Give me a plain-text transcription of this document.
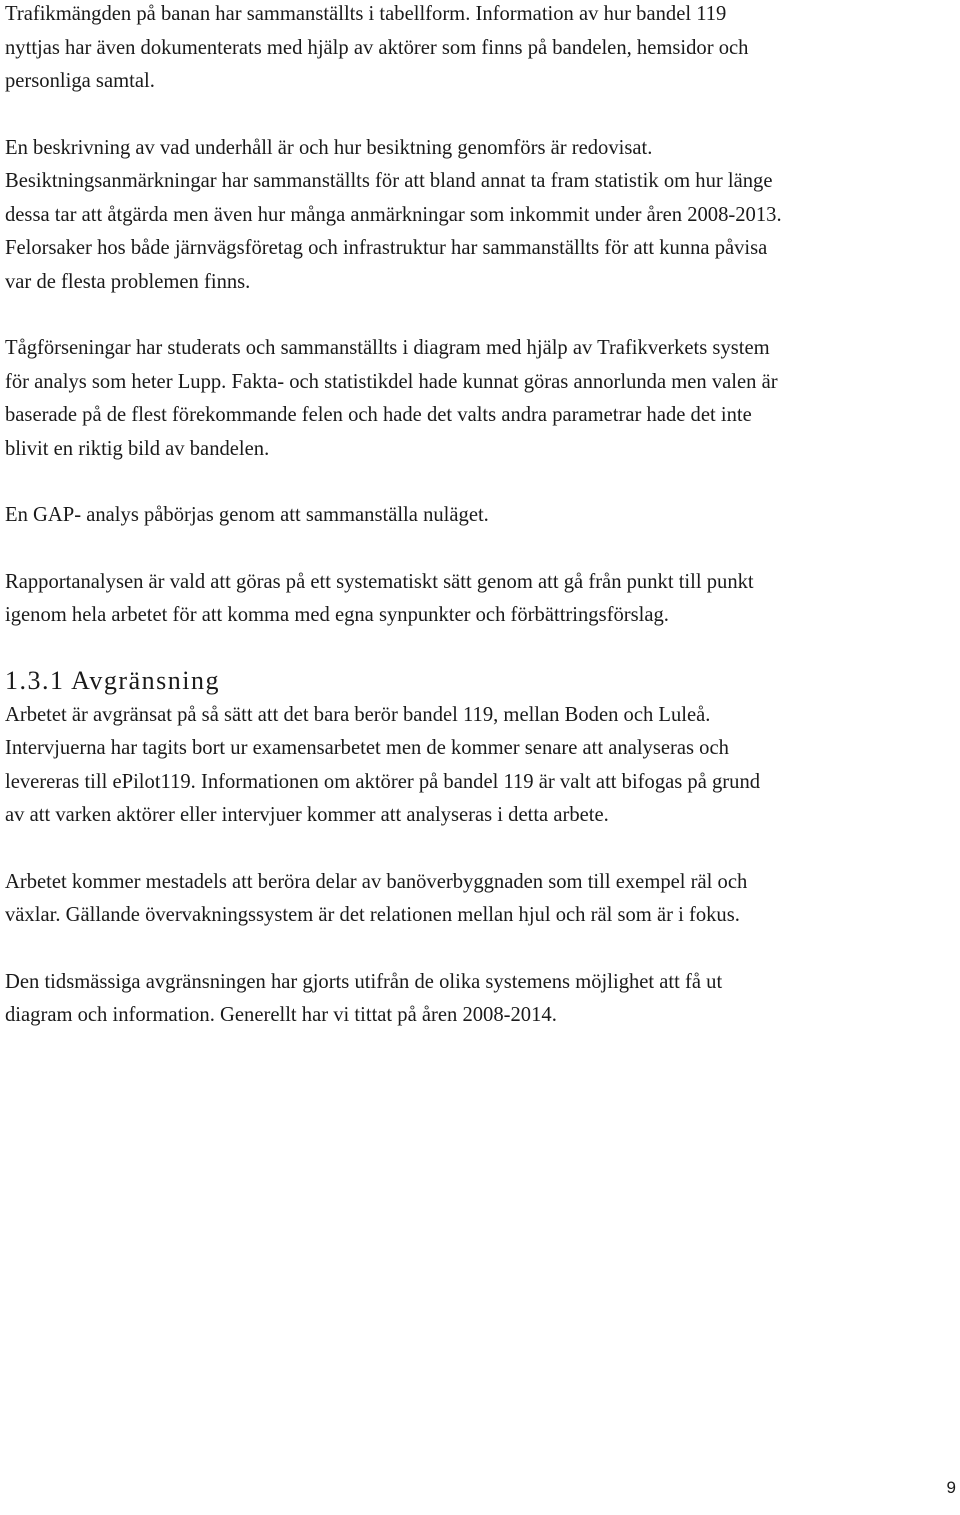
Trafikmängden på banan har sammanställts i tabellform. Information av hur bandel 119
nyttjas har även dokumenterats med hjälp av aktörer som finns på bandelen, hemsidor och
personliga samtal.

En beskrivning av vad underhåll är och hur besiktning genomförs är redovisat.
Besiktningsanmärkningar har sammanställts för att bland annat ta fram statistik om hur länge
dessa tar att åtgärda men även hur många anmärkningar som inkommit under åren 2008-2013.
Felorsaker hos både järnvägsföretag och infrastruktur har sammanställts för att kunna påvisa
var de flesta problemen finns.

Tågförseningar har studerats och sammanställts i diagram med hjälp av Trafikverkets system
för analys som heter Lupp. Fakta- och statistikdel hade kunnat göras annorlunda men valen är
baserade på de flest förekommande felen och hade det valts andra parametrar hade det inte
blivit en riktig bild av bandelen.

En GAP- analys påbörjas genom att sammanställa nuläget.

Rapportanalysen är vald att göras på ett systematiskt sätt genom att gå från punkt till punkt
igenom hela arbetet för att komma med egna synpunkter och förbättringsförslag.

1.3.1 Avgränsning

Arbetet är avgränsat på så sätt att det bara berör bandel 119, mellan Boden och Luleå.
Intervjuerna har tagits bort ur examensarbetet men de kommer senare att analyseras och
levereras till ePilot119. Informationen om aktörer på bandel 119 är valt att bifogas på grund
av att varken aktörer eller intervjuer kommer att analyseras i detta arbete.

Arbetet kommer mestadels att beröra delar av banöverbyggnaden som till exempel räl och
växlar. Gällande övervakningssystem är det relationen mellan hjul och räl som är i fokus.

Den tidsmässiga avgränsningen har gjorts utifrån de olika systemens möjlighet att få ut
diagram och information. Generellt har vi tittat på åren 2008-2014.

9
